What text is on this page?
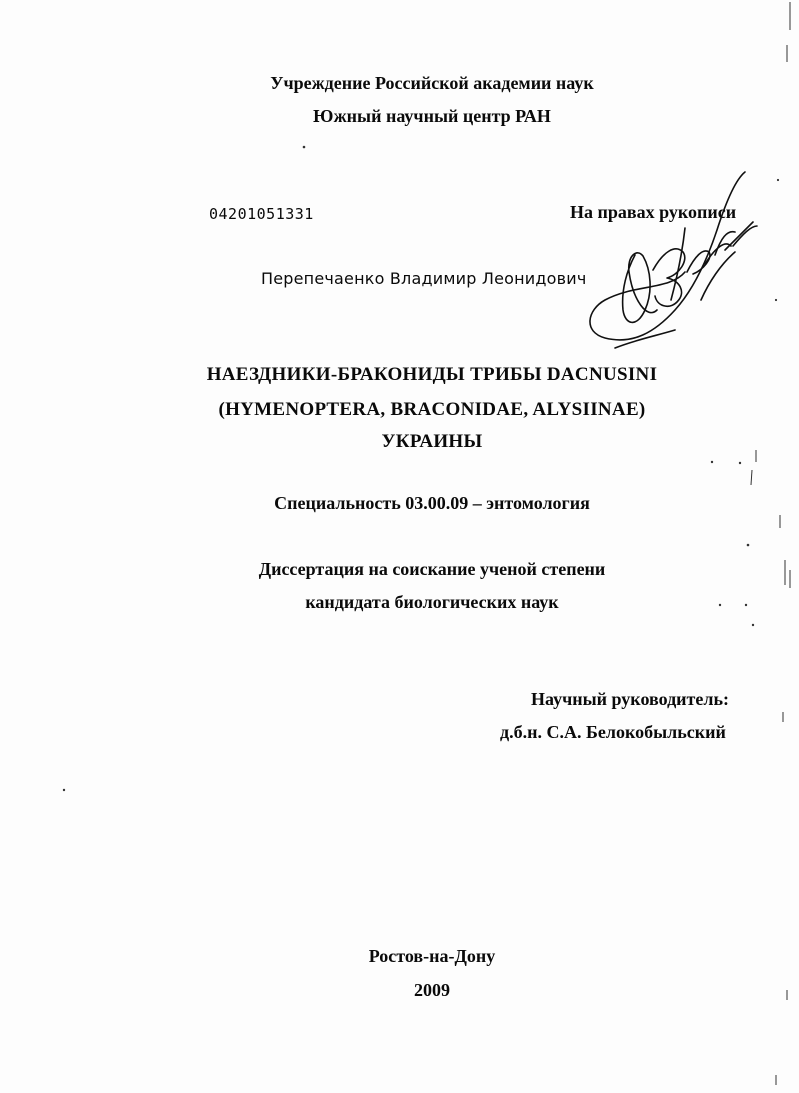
Учреждение Российской академии наук
Южный научный центр РАН
04201051331	На правах рукописи
Перепечаенко Владимир Леонидович
НАЕЗДНИКИ-БРАКОНИДЫ ТРИБЫ DACNUSINI
(HYMENOPTERA, BRACONIDAE, ALYSIINAE)
УКРАИНЫ
Специальность 03.00.09 – энтомология
Диссертация на соискание ученой степени
кандидата биологических наук
Научный руководитель:
д.б.н. С.А. Белокобыльский
Ростов-на-Дону
2009
